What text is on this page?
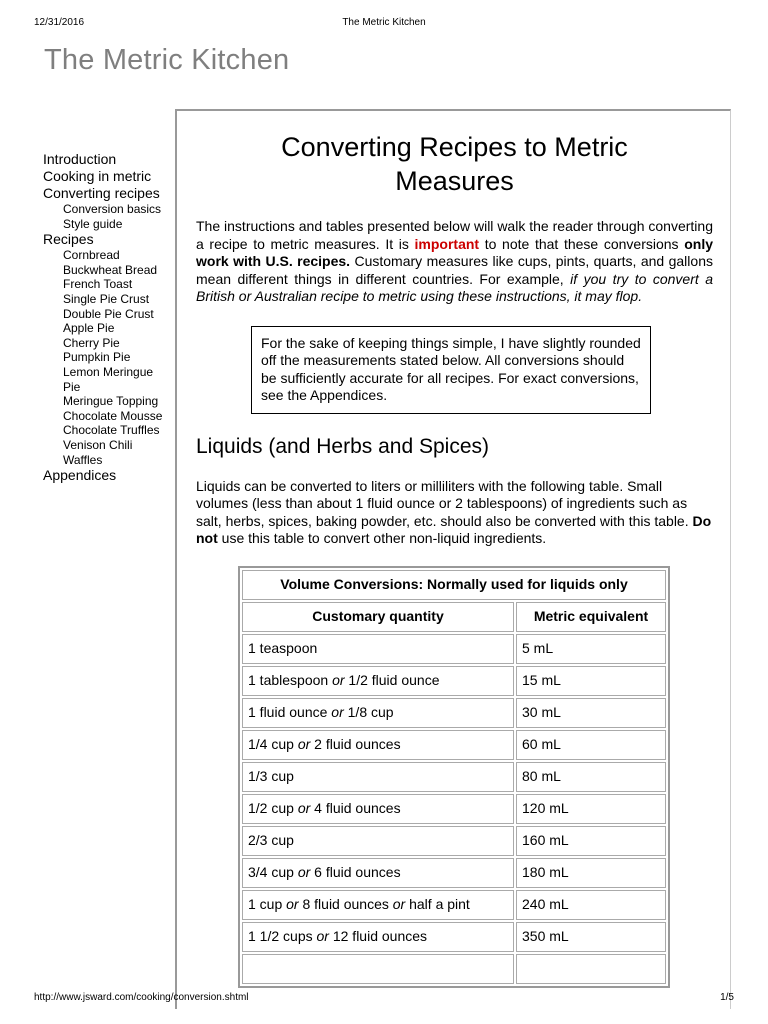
12/31/2016	The Metric Kitchen
The Metric Kitchen
Introduction
Cooking in metric
Converting recipes
Conversion basics
Style guide
Recipes
Cornbread
Buckwheat Bread
French Toast
Single Pie Crust
Double Pie Crust
Apple Pie
Cherry Pie
Pumpkin Pie
Lemon Meringue Pie
Meringue Topping
Chocolate Mousse
Chocolate Truffles
Venison Chili
Waffles
Appendices
Converting Recipes to Metric Measures

The instructions and tables presented below will walk the reader through converting a recipe to metric measures. It is important to note that these conversions only work with U.S. recipes. Customary measures like cups, pints, quarts, and gallons mean different things in different countries. For example, if you try to convert a British or Australian recipe to metric using these instructions, it may flop.

For the sake of keeping things simple, I have slightly rounded off the measurements stated below. All conversions should be sufficiently accurate for all recipes. For exact conversions, see the Appendices.
Liquids (and Herbs and Spices)

Liquids can be converted to liters or milliliters with the following table. Small volumes (less than about 1 fluid ounce or 2 tablespoons) of ingredients such as salt, herbs, spices, baking powder, etc. should also be converted with this table. Do not use this table to convert other non-liquid ingredients.

Volume Conversions: Normally used for liquids only	
Customary quantity	Metric equivalent
1 teaspoon	5 mL
1 tablespoon or 1/2 fluid ounce	15 mL
1 fluid ounce or 1/8 cup	30 mL
1/4 cup or 2 fluid ounces	60 mL
1/3 cup	80 mL
1/2 cup or 4 fluid ounces	120 mL
2/3 cup	160 mL
3/4 cup or 6 fluid ounces	180 mL
1 cup or 8 fluid ounces or half a pint	240 mL
1 1/2 cups or 12 fluid ounces	350 mL

http://www.jsward.com/cooking/conversion.shtml	1/5
